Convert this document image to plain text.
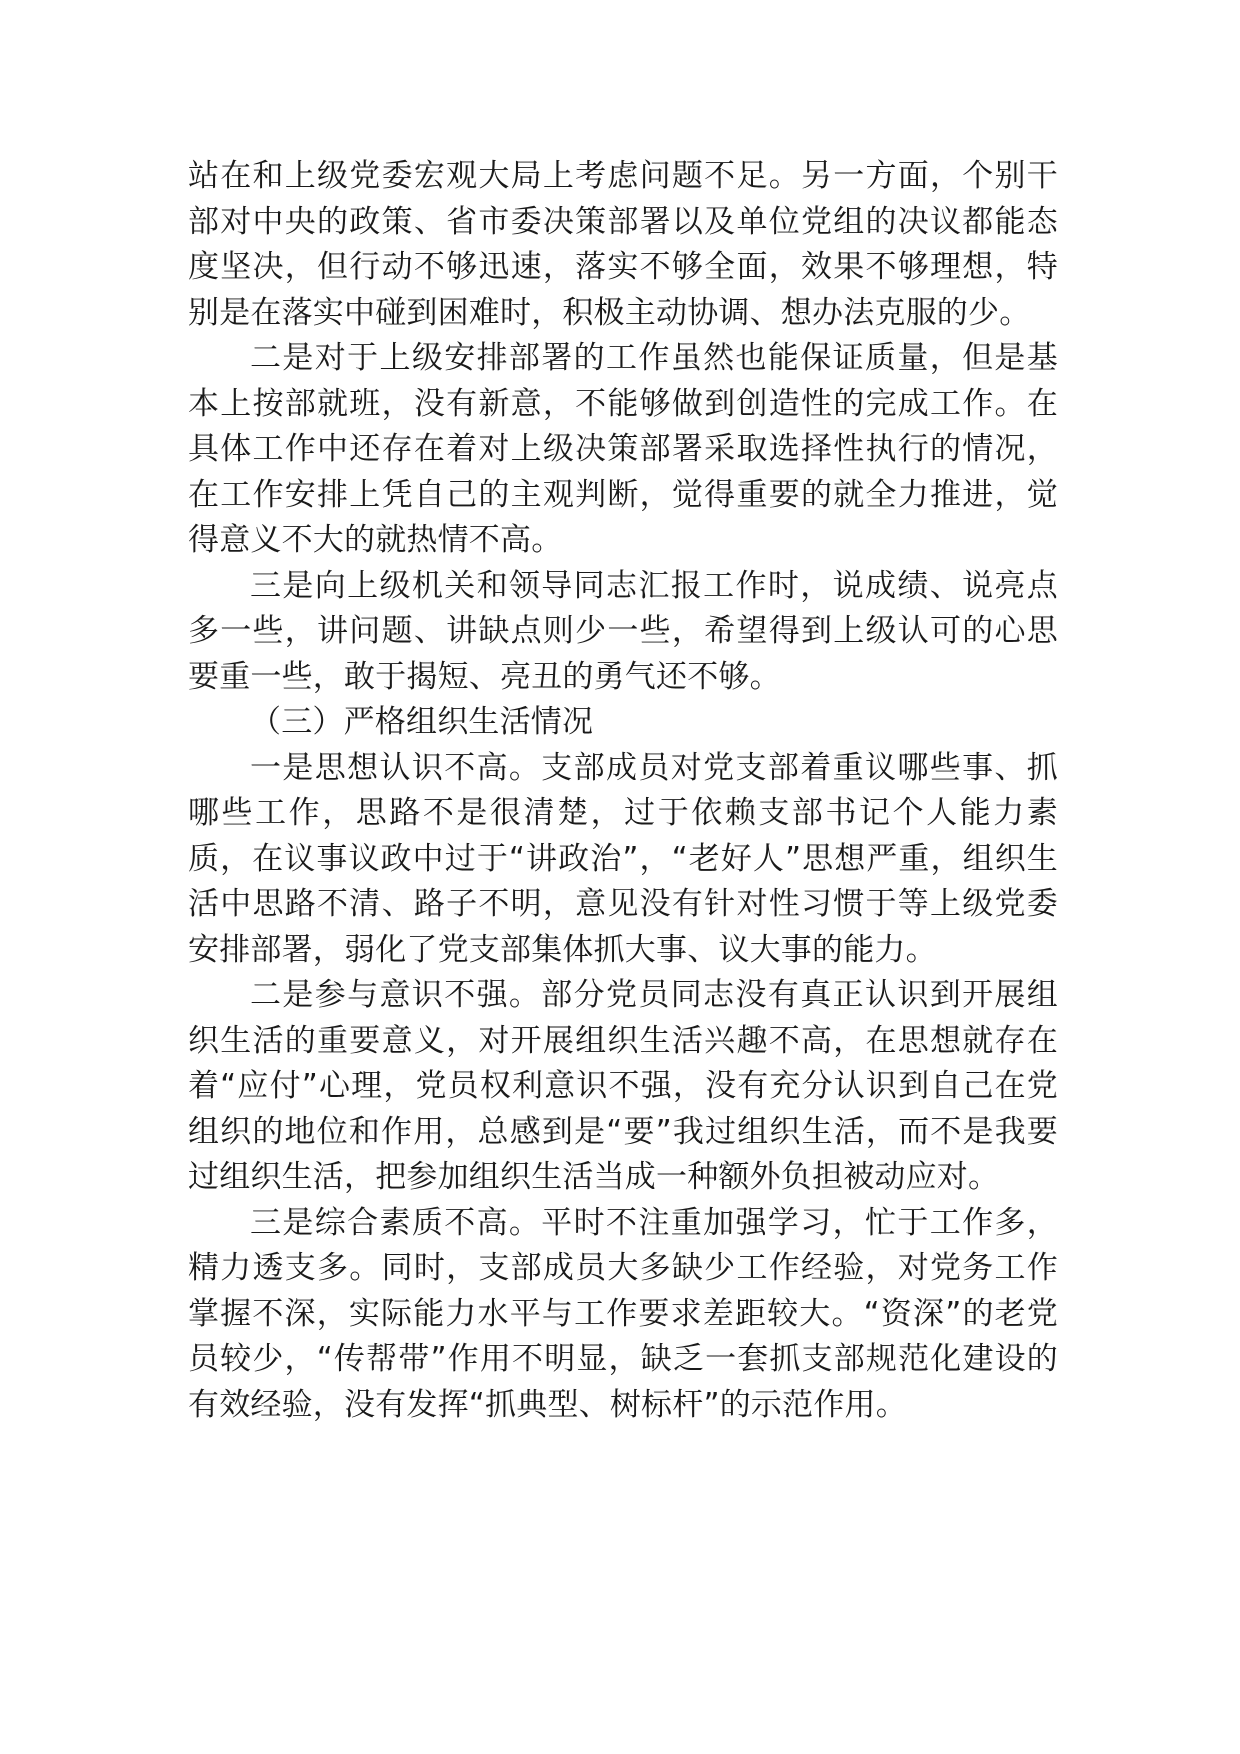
站在和上级党委宏观大局上考虑问题不足。另一方面，个别干部对中央的政策、省市委决策部署以及单位党组的决议都能态度坚决，但行动不够迅速，落实不够全面，效果不够理想，特别是在落实中碰到困难时，积极主动协调、想办法克服的少。

二是对于上级安排部署的工作虽然也能保证质量，但是基本上按部就班，没有新意，不能够做到创造性的完成工作。在具体工作中还存在着对上级决策部署采取选择性执行的情况，在工作安排上凭自己的主观判断，觉得重要的就全力推进，觉得意义不大的就热情不高。

三是向上级机关和领导同志汇报工作时，说成绩、说亮点多一些，讲问题、讲缺点则少一些，希望得到上级认可的心思要重一些，敢于揭短、亮丑的勇气还不够。

（三）严格组织生活情况

一是思想认识不高。支部成员对党支部着重议哪些事、抓哪些工作，思路不是很清楚，过于依赖支部书记个人能力素质，在议事议政中过于“讲政治”，“老好人”思想严重，组织生活中思路不清、路子不明，意见没有针对性习惯于等上级党委安排部署，弱化了党支部集体抓大事、议大事的能力。

二是参与意识不强。部分党员同志没有真正认识到开展组织生活的重要意义，对开展组织生活兴趣不高，在思想就存在着“应付”心理，党员权利意识不强，没有充分认识到自己在党组织的地位和作用，总感到是“要”我过组织生活，而不是我要过组织生活，把参加组织生活当成一种额外负担被动应对。

三是综合素质不高。平时不注重加强学习，忙于工作多，精力透支多。同时，支部成员大多缺少工作经验，对党务工作掌握不深，实际能力水平与工作要求差距较大。“资深”的老党员较少，“传帮带”作用不明显，缺乏一套抓支部规范化建设的有效经验，没有发挥“抓典型、树标杆”的示范作用。
